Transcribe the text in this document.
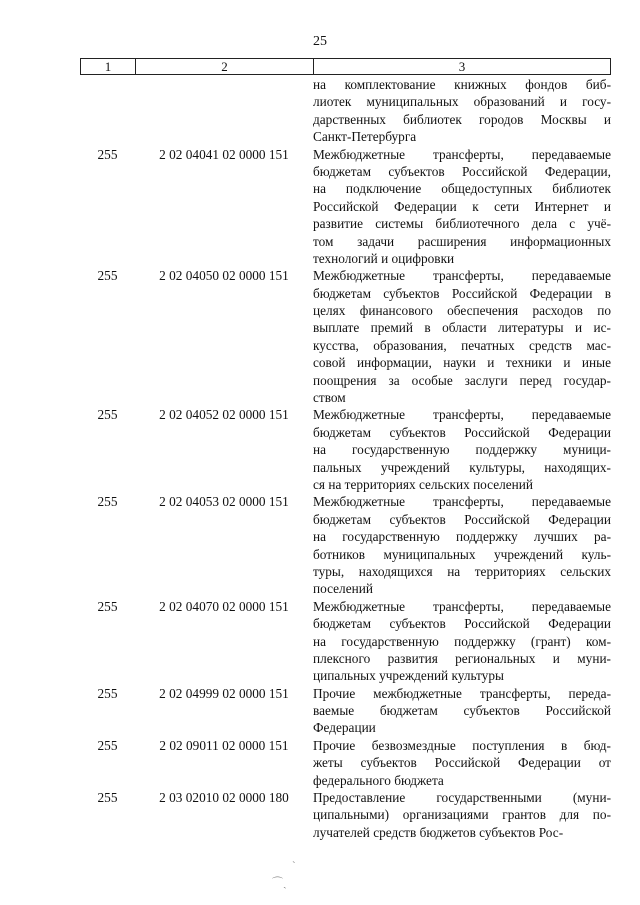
25
1	2	3
на комплектование книжных фондов биб-
лиотек муниципальных образований и госу-
дарственных библиотек городов Москвы и
Санкт-Петербурга
255	2 02 04041 02 0000 151	Межбюджетные трансферты, передаваемые
бюджетам субъектов Российской Федерации,
на подключение общедоступных библиотек
Российской Федерации к сети Интернет и
развитие системы библиотечного дела с учё-
том задачи расширения информационных
технологий и оцифровки
255	2 02 04050 02 0000 151	Межбюджетные трансферты, передаваемые
бюджетам субъектов Российской Федерации в
целях финансового обеспечения расходов по
выплате премий в области литературы и ис-
кусства, образования, печатных средств мас-
совой информации, науки и техники и иные
поощрения за особые заслуги перед государ-
ством
255	2 02 04052 02 0000 151	Межбюджетные трансферты, передаваемые
бюджетам субъектов Российской Федерации
на государственную поддержку муници-
пальных учреждений культуры, находящих-
ся на территориях сельских поселений
255	2 02 04053 02 0000 151	Межбюджетные трансферты, передаваемые
бюджетам субъектов Российской Федерации
на государственную поддержку лучших ра-
ботников муниципальных учреждений куль-
туры, находящихся на территориях сельских
поселений
255	2 02 04070 02 0000 151	Межбюджетные трансферты, передаваемые
бюджетам субъектов Российской Федерации
на государственную поддержку (грант) ком-
плексного развития региональных и муни-
ципальных учреждений культуры
255	2 02 04999 02 0000 151	Прочие межбюджетные трансферты, переда-
ваемые бюджетам субъектов Российской
Федерации
255	2 02 09011 02 0000 151	Прочие безвозмездные поступления в бюд-
жеты субъектов Российской Федерации от
федерального бюджета
255	2 03 02010 02 0000 180	Предоставление государственными (муни-
ципальными) организациями грантов для по-
лучателей средств бюджетов субъектов Рос-
ˋ
⌒ˎ
